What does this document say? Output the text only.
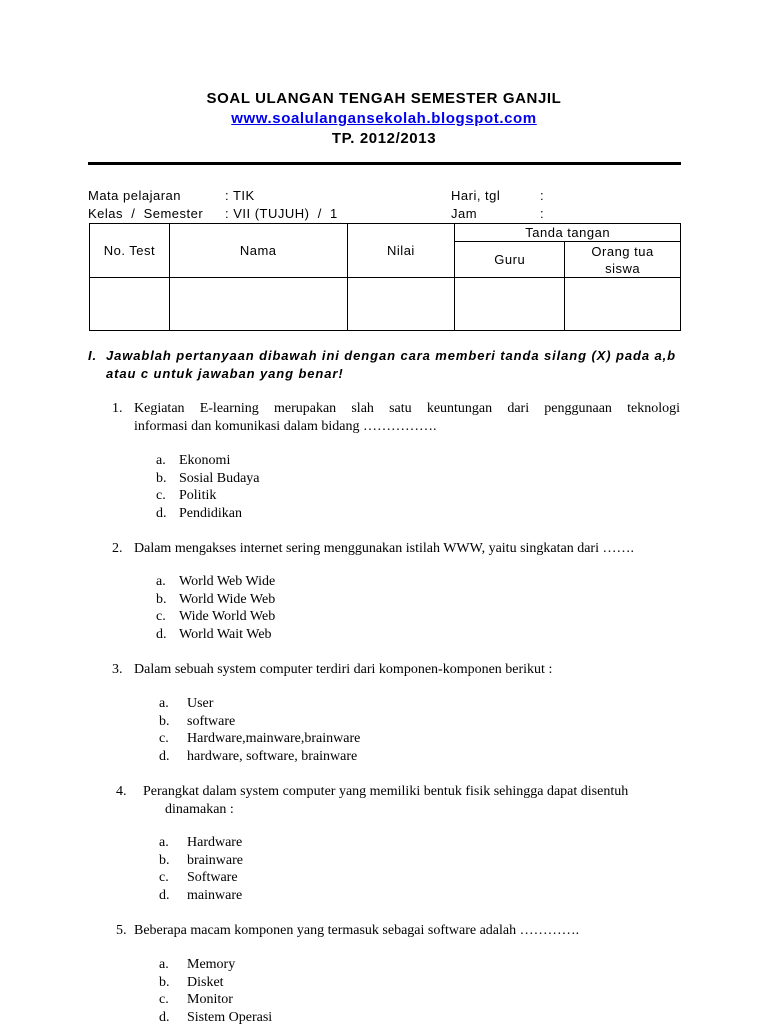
SOAL ULANGAN TENGAH SEMESTER GANJIL
www.soalulangansekolah.blogspot.com
TP. 2012/2013
Mata pelajaran	: TIK	Hari, tgl	:
Kelas  /  Semester : VII (TUJUH)  /  1	Jam	:
No. Test	Nama	Nilai	Tanda tangan	
			Guru	Orang tua
siswa

I. Jawablah pertanyaan dibawah ini dengan cara memberi tanda silang (X) pada a,b
atau c untuk jawaban yang benar!
1. Kegiatan E-learning merupakan slah satu keuntungan dari penggunaan teknologi
informasi dan komunikasi dalam bidang …………….
a. Ekonomi
b. Sosial Budaya
c. Politik
d. Pendidikan
2. Dalam mengakses internet sering menggunakan istilah WWW, yaitu singkatan dari …….
a. World Web Wide
b. World Wide Web
c. Wide World Web
d. World Wait Web
3. Dalam sebuah system computer terdiri dari komponen-komponen berikut :
a. User
b. software
c. Hardware,mainware,brainware
d. hardware, software, brainware
4. Perangkat dalam system computer yang memiliki bentuk fisik sehingga dapat disentuh
dinamakan :
a. Hardware
b. brainware
c. Software
d. mainware
5. Beberapa macam komponen yang termasuk sebagai software adalah ………….
a. Memory
b. Disket
c. Monitor
d. Sistem Operasi
